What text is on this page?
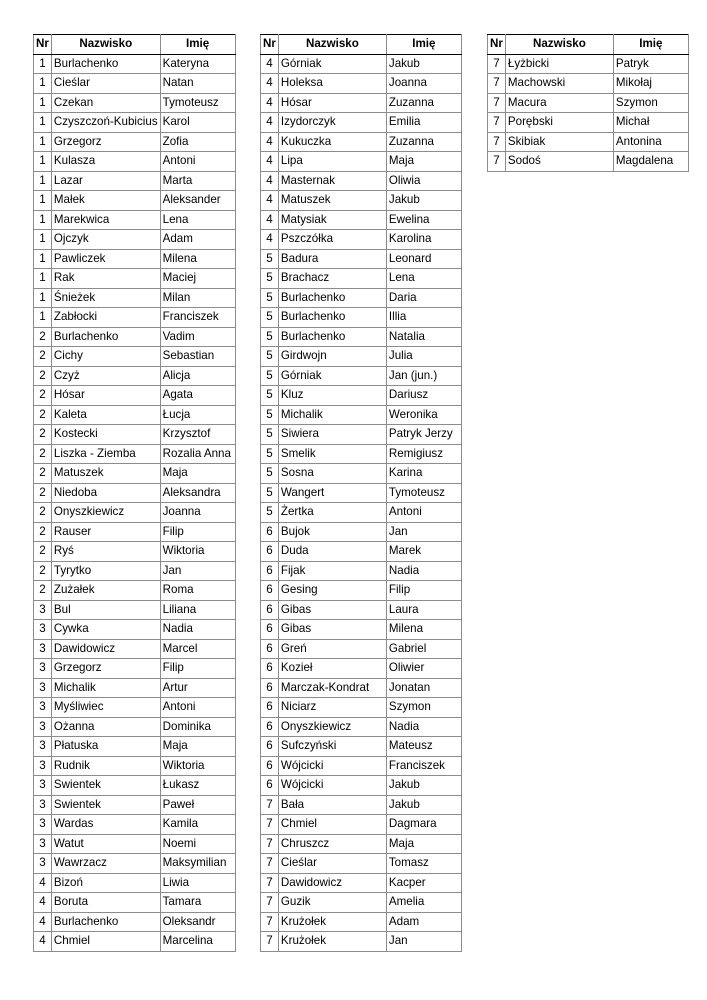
Nr	Nazwisko	Imię
1	Burlachenko	Kateryna
1	Cieślar	Natan
1	Czekan	Tymoteusz
1	Czyszczoń-Kubicius	Karol
1	Grzegorz	Zofia
1	Kulasza	Antoni
1	Lazar	Marta
1	Małek	Aleksander
1	Marekwica	Lena
1	Ojczyk	Adam
1	Pawliczek	Milena
1	Rak	Maciej
1	Śnieżek	Milan
1	Zabłocki	Franciszek
2	Burlachenko	Vadim
2	Cichy	Sebastian
2	Czyż	Alicja
2	Hósar	Agata
2	Kaleta	Łucja
2	Kostecki	Krzysztof
2	Liszka - Ziemba	Rozalia Anna
2	Matuszek	Maja
2	Niedoba	Aleksandra
2	Onyszkiewicz	Joanna
2	Rauser	Filip
2	Ryś	Wiktoria
2	Tyrytko	Jan
2	Zużałek	Roma
3	Bul	Liliana
3	Cywka	Nadia
3	Dawidowicz	Marcel
3	Grzegorz	Filip
3	Michalik	Artur
3	Myśliwiec	Antoni
3	Ożanna	Dominika
3	Płatuska	Maja
3	Rudnik	Wiktoria
3	Swientek	Łukasz
3	Swientek	Paweł
3	Wardas	Kamila
3	Watut	Noemi
3	Wawrzacz	Maksymilian
4	Bizoń	Liwia
4	Boruta	Tamara
4	Burlachenko	Oleksandr
4	Chmiel	Marcelina
Nr	Nazwisko	Imię
4	Górniak	Jakub
4	Holeksa	Joanna
4	Hósar	Zuzanna
4	Izydorczyk	Emilia
4	Kukuczka	Zuzanna
4	Lipa	Maja
4	Masternak	Oliwia
4	Matuszek	Jakub
4	Matysiak	Ewelina
4	Pszczółka	Karolina
5	Badura	Leonard
5	Brachacz	Lena
5	Burlachenko	Daria
5	Burlachenko	Illia
5	Burlachenko	Natalia
5	Girdwojn	Julia
5	Górniak	Jan (jun.)
5	Kluz	Dariusz
5	Michalik	Weronika
5	Siwiera	Patryk Jerzy
5	Smelik	Remigiusz
5	Sosna	Karina
5	Wangert	Tymoteusz
5	Żertka	Antoni
6	Bujok	Jan
6	Duda	Marek
6	Fijak	Nadia
6	Gesing	Filip
6	Gibas	Laura
6	Gibas	Milena
6	Greń	Gabriel
6	Kozieł	Oliwier
6	Marczak-Kondrat	Jonatan
6	Niciarz	Szymon
6	Onyszkiewicz	Nadia
6	Sufczyński	Mateusz
6	Wójcicki	Franciszek
6	Wójcicki	Jakub
7	Bała	Jakub
7	Chmiel	Dagmara
7	Chruszcz	Maja
7	Cieślar	Tomasz
7	Dawidowicz	Kacper
7	Guzik	Amelia
7	Krużołek	Adam
7	Krużołek	Jan
Nr	Nazwisko	Imię
7	Łyżbicki	Patryk
7	Machowski	Mikołaj
7	Macura	Szymon
7	Porębski	Michał
7	Skibiak	Antonina
7	Sodoś	Magdalena
